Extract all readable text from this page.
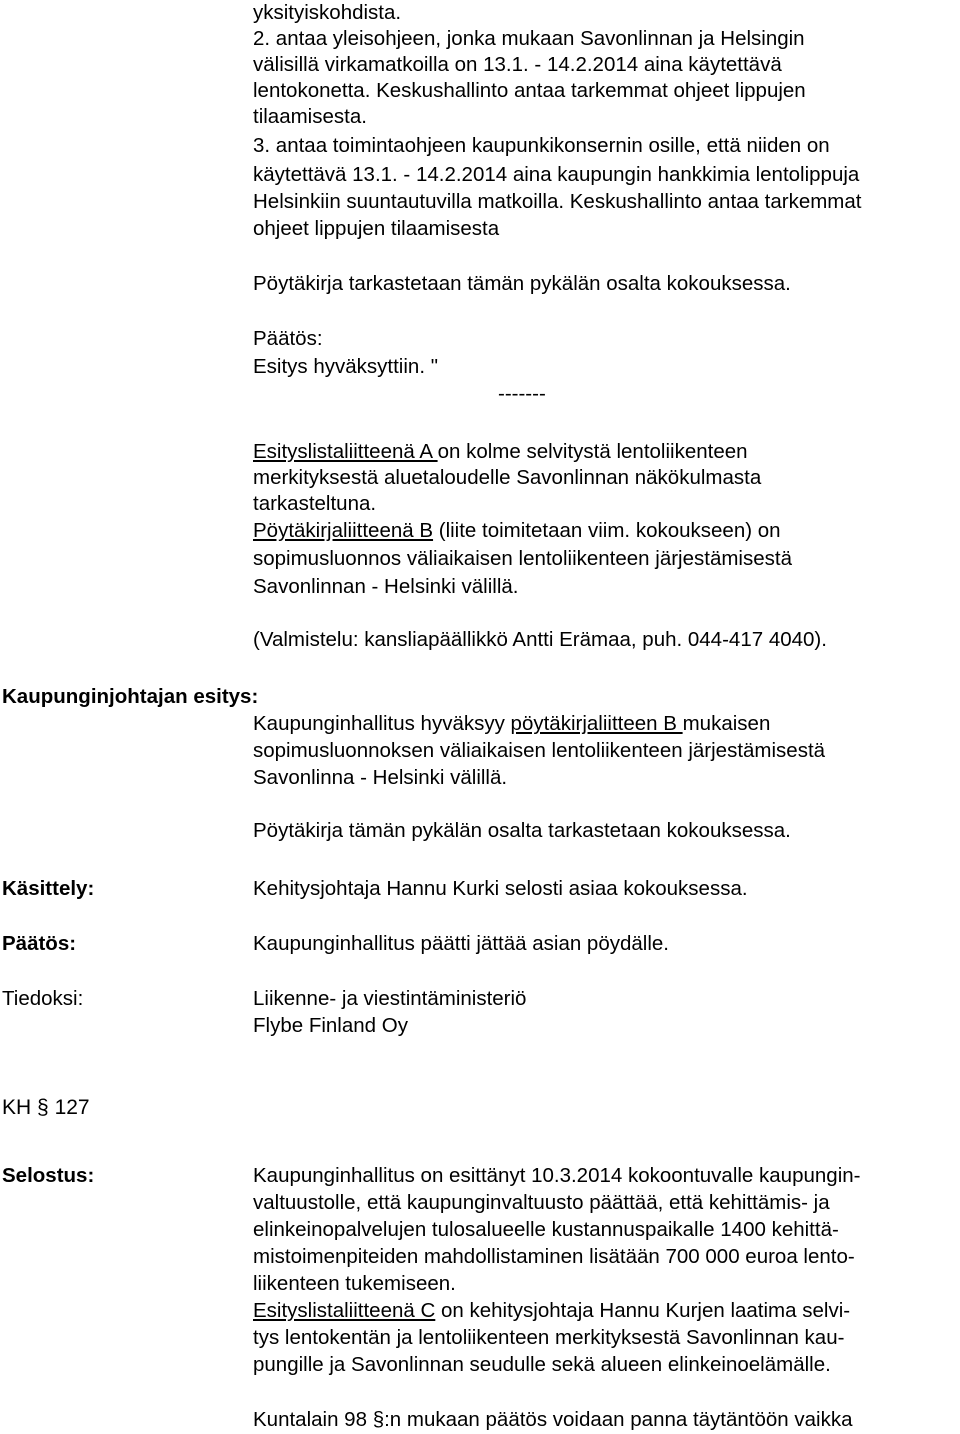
yksityiskohdista.
2. antaa yleisohjeen, jonka mukaan Savonlinnan ja Helsingin
välisillä virkamatkoilla on 13.1. - 14.2.2014 aina käytettävä
lentokonetta. Keskushallinto antaa tarkemmat ohjeet lippujen
tilaamisesta.
3. antaa toimintaohjeen kaupunkikonsernin osille, että niiden on
käytettävä 13.1. - 14.2.2014 aina kaupungin hankkimia lentolippuja
Helsinkiin suuntautuvilla matkoilla. Keskushallinto antaa tarkemmat
ohjeet lippujen tilaamisesta
Pöytäkirja tarkastetaan tämän pykälän osalta kokouksessa.
Päätös:
Esitys hyväksyttiin. "
-------
Esityslistaliitteenä A on kolme selvitystä lentoliikenteen
merkityksestä aluetaloudelle Savonlinnan näkökulmasta
tarkasteltuna.
Pöytäkirjaliitteenä B (liite toimitetaan viim. kokoukseen) on
sopimusluonnos väliaikaisen lentoliikenteen järjestämisestä
Savonlinnan - Helsinki välillä.
(Valmistelu: kansliapäällikkö Antti Erämaa, puh. 044-417 4040).
Kaupunginjohtajan esitys:
Kaupunginhallitus hyväksyy pöytäkirjaliitteen B mukaisen
sopimusluonnoksen väliaikaisen lentoliikenteen järjestämisestä
Savonlinna - Helsinki välillä.
Pöytäkirja tämän pykälän osalta tarkastetaan kokouksessa.
Käsittely:	Kehitysjohtaja Hannu Kurki selosti asiaa kokouksessa.
Päätös:	Kaupunginhallitus päätti jättää asian pöydälle.
Tiedoksi:	Liikenne- ja viestintäministeriö
Flybe Finland Oy
KH § 127
Selostus:	Kaupunginhallitus on esittänyt 10.3.2014 kokoontuvalle kaupungin-
valtuustolle, että kaupunginvaltuusto päättää, että kehittämis- ja
elinkeinopalvelujen tulosalueelle kustannuspaikalle 1400 kehittä-
mistoimenpiteiden mahdollistaminen lisätään 700 000 euroa lento-
liikenteen tukemiseen.
Esityslistaliitteenä C on kehitysjohtaja Hannu Kurjen laatima selvi-
tys lentokentän ja lentoliikenteen merkityksestä Savonlinnan kau-
pungille ja Savonlinnan seudulle sekä alueen elinkeinoelämälle.
Kuntalain 98 §:n mukaan päätös voidaan panna täytäntöön vaikka
